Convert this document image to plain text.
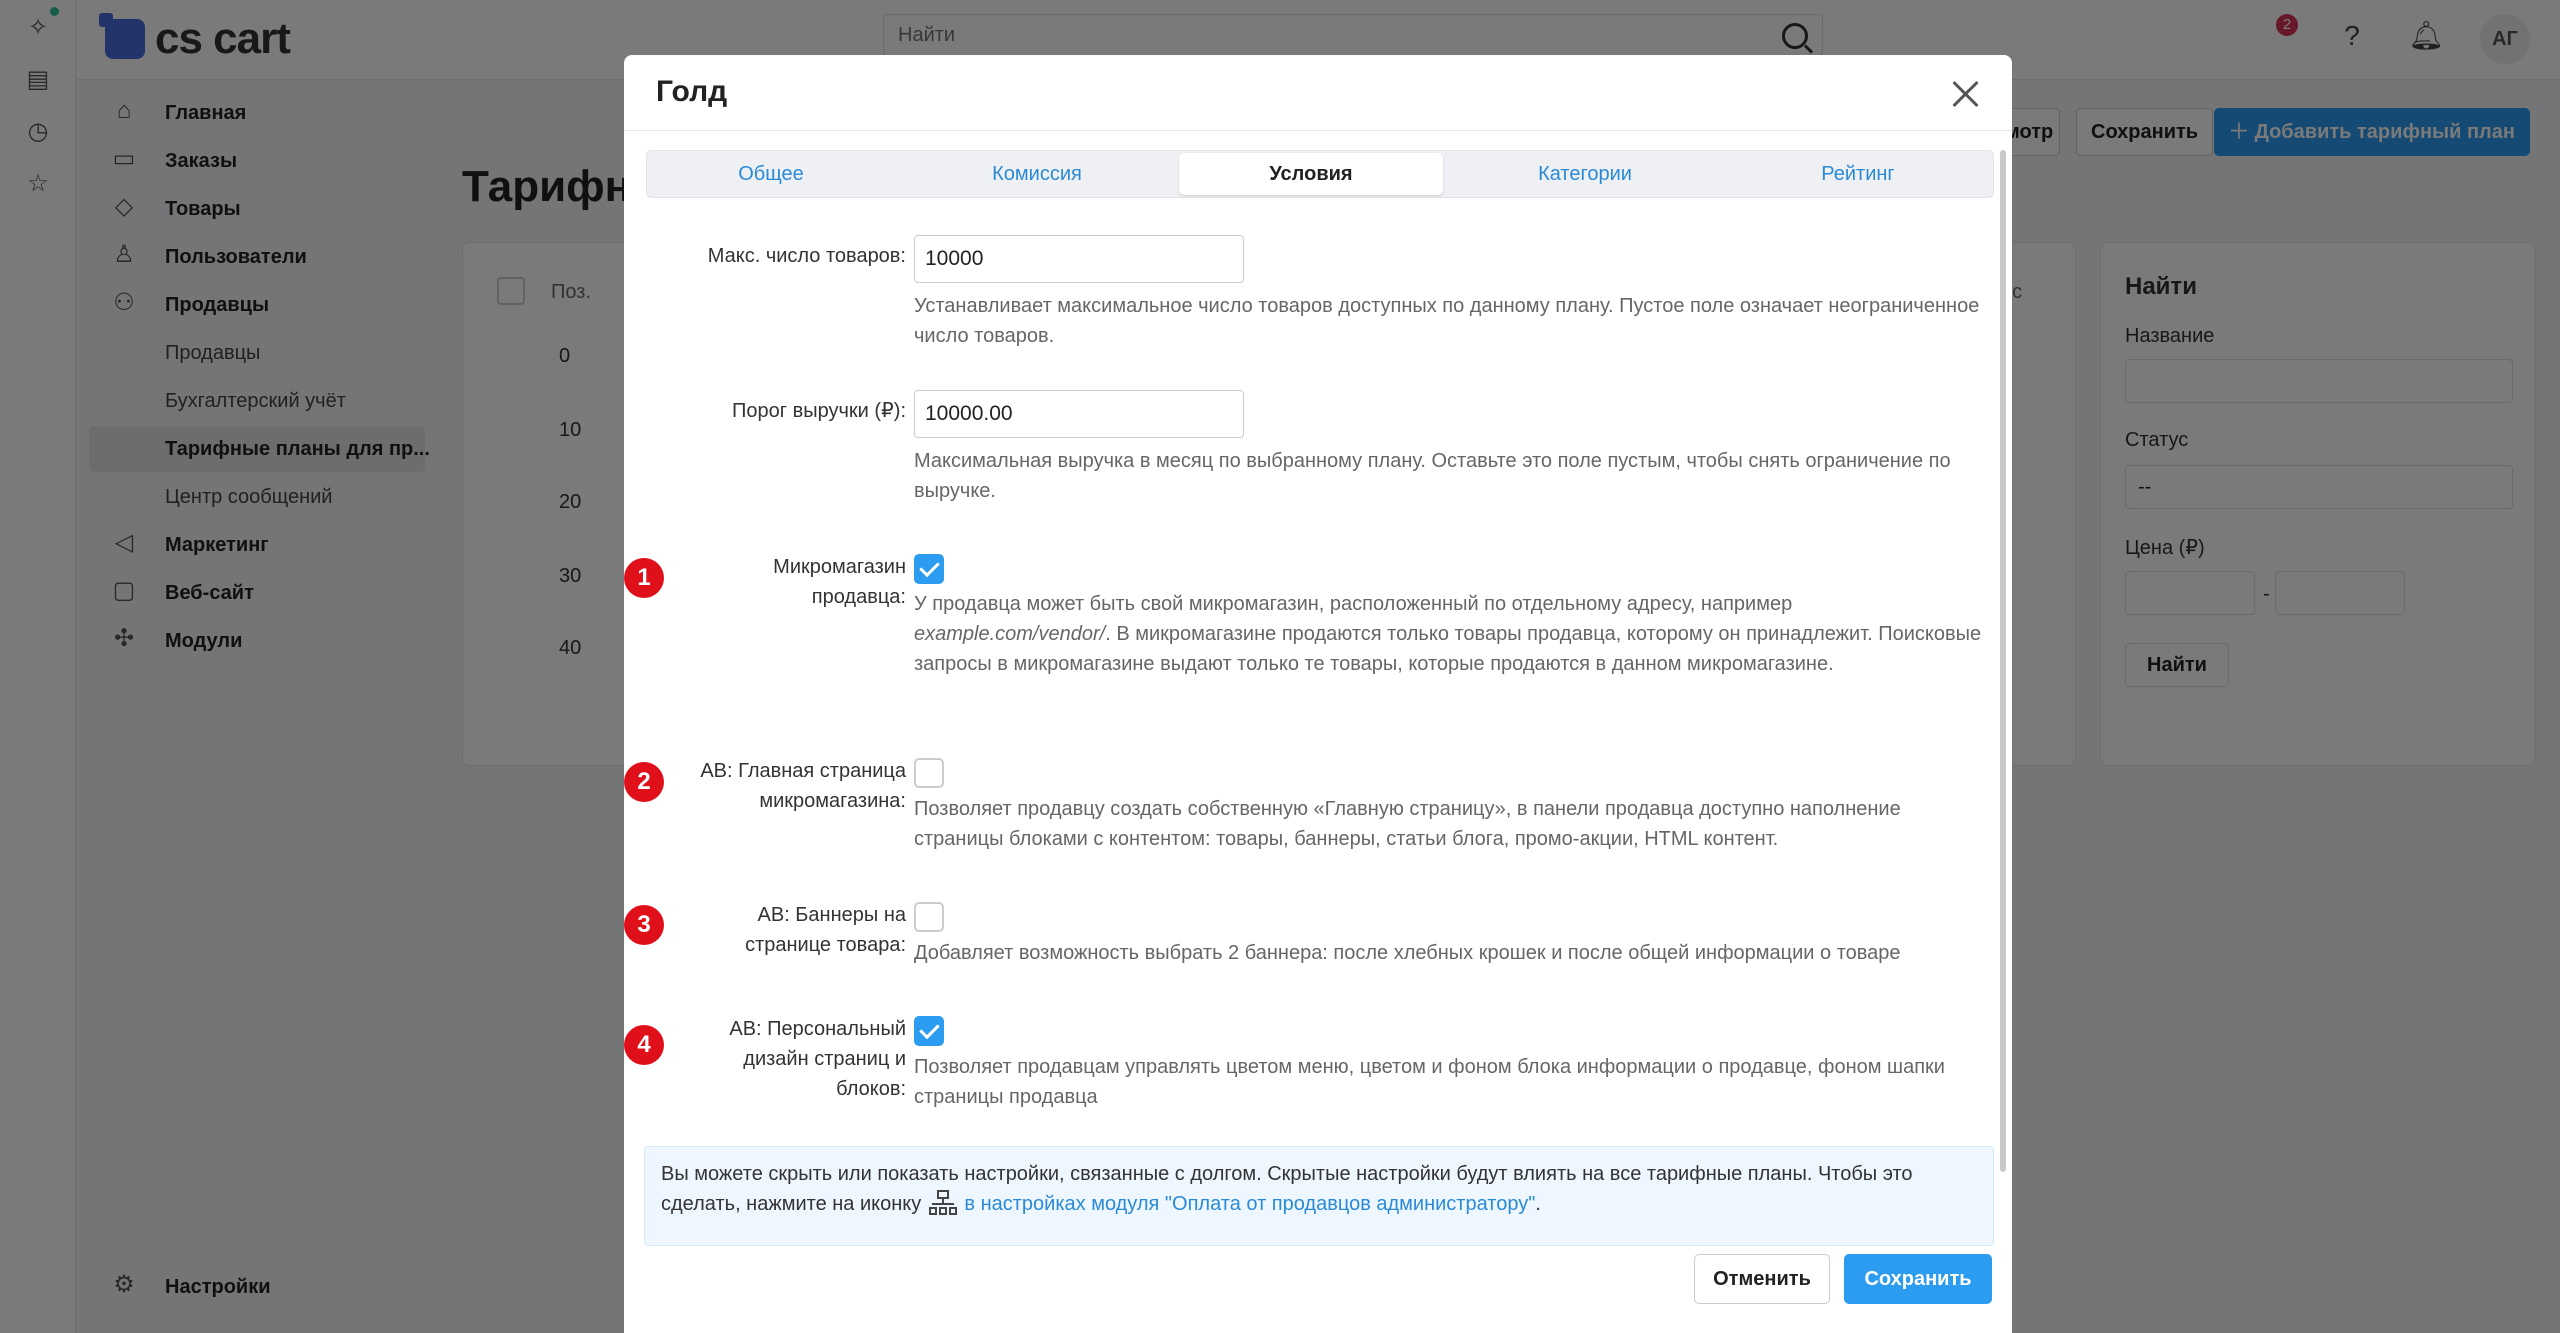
Найти
Голд
Общее	Комиссия	Условия	Категории	Рейтинг
Макс. число товаров:
10000
Устанавливает максимальное число товаров доступных по данному плану. Пустое поле означает неограниченное число товаров.
Порог выручки (₽):
10000.00
Максимальная выручка в месяц по выбранному плану. Оставьте это поле пустым, чтобы снять ограничение по выручке.
1	Микромагазин
продавца: У продавца может быть свой микромагазин, расположенный по отдельному адресу, например
example.com/vendor/. В микромагазине продаются только товары продавца, которому он принадлежит. Поисковые запросы в микромагазине выдают только те товары, которые продаются в данном микромагазине.
2	AB: Главная страница
микромагазина: Позволяет продавцу создать собственную «Главную страницу», в панели продавца доступно наполнение страницы блоками с контентом: товары, баннеры, статьи блога, промо-акции, HTML контент.
3	AB: Баннеры на
странице товара: Добавляет возможность выбрать 2 баннера: после хлебных крошек и после общей информации о товаре
4
AB: Персональный
дизайн страниц и
блоков:
Позволяет продавцам управлять цветом меню, цветом и фоном блока информации о продавце, фоном шапки страницы продавца
Вы можете скрыть или показать настройки, связанные с долгом. Скрытые настройки будут влиять на все тарифные планы. Чтобы это сделать, нажмите на иконку в настройках модуля "Оплата от продавцов администратору".
Отменить	Сохранить
